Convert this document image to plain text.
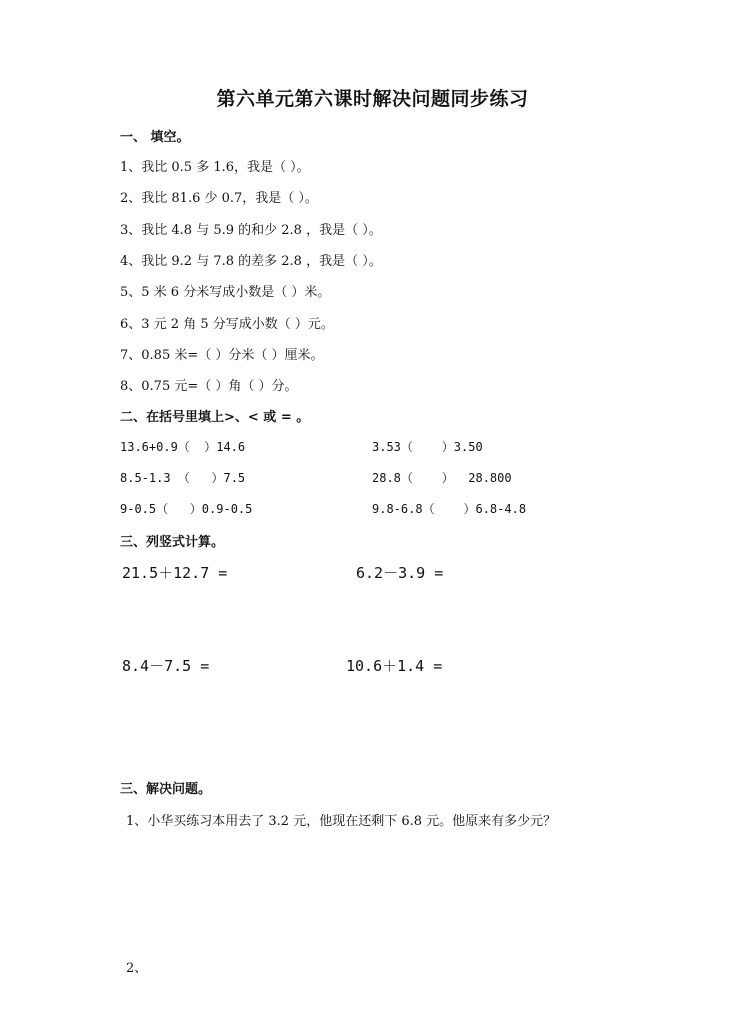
第六单元第六课时解决问题同步练习
一、 填空。
1、我比 0.5 多 1.6，我是（ ）。
2、我比 81.6 少 0.7，我是（ ）。
3、我比 4.8 与 5.9 的和少 2.8 ，我是（ ）。
4、我比 9.2 与 7.8 的差多 2.8 ，我是（ ）。
5、5 米 6 分米写成小数是（ ）米。
6、3 元 2 角 5 分写成小数（ ）元。
7、0.85 米=（ ）分米（ ）厘米。
8、0.75 元=（ ）角（ ）分。
二、在括号里填上>、< 或 = 。
13.6+0.9（  ）14.6	3.53（    ）3.50
8.5-1.3 （   ）7.5	28.8（    ）  28.800
9-0.5（   ）0.9-0.5	9.8-6.8（    ）6.8-4.8
三、列竖式计算。
21.5＋12.7 =	6.2－3.9 =
8.4－7.5 =	10.6＋1.4 =
三、解决问题。
1、小华买练习本用去了 3.2 元，他现在还剩下 6.8 元。他原来有多少元？
2、
